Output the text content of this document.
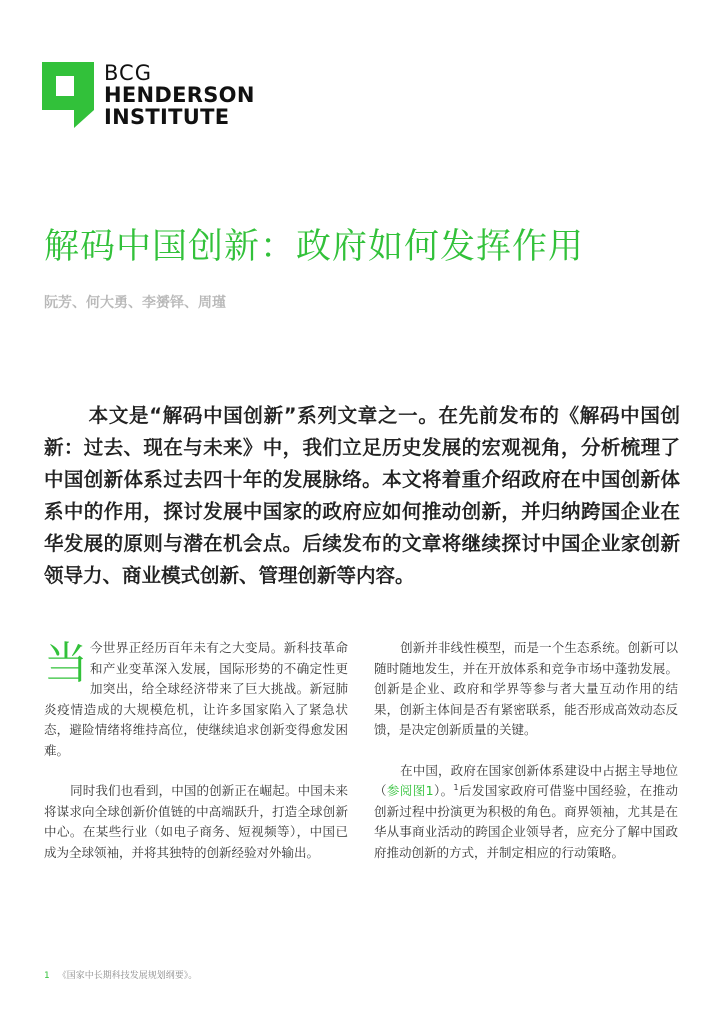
BCG
HENDERSON
INSTITUTE
解码中国创新：政府如何发挥作用
阮芳、何大勇、李赟铎、周瑾
本文是“解码中国创新”系列文章之一。在先前发布的《解码中国创新：过去、现在与未来》中，我们立足历史发展的宏观视角，分析梳理了中国创新体系过去四十年的发展脉络。本文将着重介绍政府在中国创新体系中的作用，探讨发展中国家的政府应如何推动创新，并归纳跨国企业在华发展的原则与潜在机会点。后续发布的文章将继续探讨中国企业家创新领导力、商业模式创新、管理创新等内容。

当今世界正经历百年未有之大变局。新科技革命和产业变革深入发展，国际形势的不确定性更加突出，给全球经济带来了巨大挑战。新冠肺炎疫情造成的大规模危机，让许多国家陷入了紧急状态，避险情绪将维持高位，使继续追求创新变得愈发困难。

同时我们也看到，中国的创新正在崛起。中国未来将谋求向全球创新价值链的中高端跃升，打造全球创新中心。在某些行业（如电子商务、短视频等），中国已成为全球领袖，并将其独特的创新经验对外输出。

创新并非线性模型，而是一个生态系统。创新可以随时随地发生，并在开放体系和竞争市场中蓬勃发展。创新是企业、政府和学界等参与者大量互动作用的结果，创新主体间是否有紧密联系，能否形成高效动态反馈，是决定创新质量的关键。

在中国，政府在国家创新体系建设中占据主导地位（参阅图1）。$^1$后发国家政府可借鉴中国经验，在推动创新过程中扮演更为积极的角色。商界领袖，尤其是在华从事商业活动的跨国企业领导者，应充分了解中国政府推动创新的方式，并制定相应的行动策略。

1 《国家中长期科技发展规划纲要》。
